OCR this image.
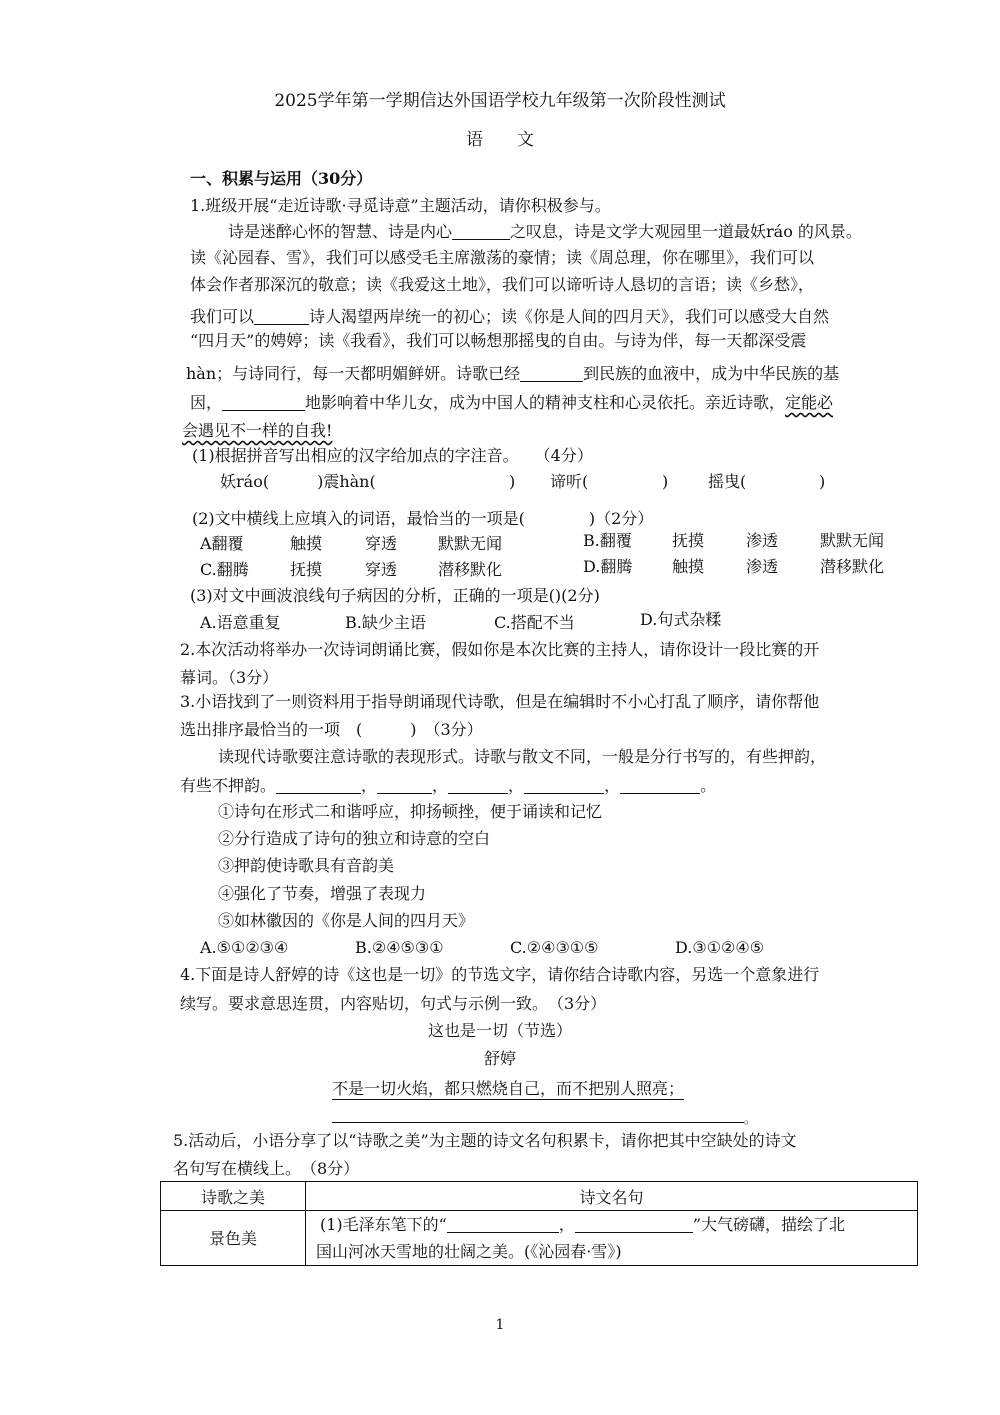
2025学年第一学期信达外国语学校九年级第一次阶段性测试
语　　文
一、积累与运用（30分）
1.班级开展“走近诗歌·寻觅诗意”主题活动，请你积极参与。
诗是迷醉心怀的智慧、诗是内心	之叹息，诗是文学大观园里一道最妖ráo 的风景。
读《沁园春、雪》，我们可以感受毛主席激荡的豪情；读《周总理，你在哪里》，我们可以
体会作者那深沉的敬意；读《我爱这土地》，我们可以谛听诗人恳切的言语；读《乡愁》，
我们可以	诗人渴望两岸统一的初心；读《你是人间的四月天》，我们可以感受大自然
“四月天”的娉婷；读《我看》，我们可以畅想那摇曳的自由。与诗为伴，每一天都深受震
hàn；与诗同行，每一天都明媚鲜妍。诗歌已经	到民族的血液中，成为中华民族的基
因，	地影响着中华儿女，成为中国人的精神支柱和心灵依托。亲近诗歌，定能必
会遇见不一样的自我!
(1)根据拼音写出相应的汉字给加点的字注音。　　（4分）
妖ráo(	)震hàn(	) 谛听(	) 摇曳(	)
(2)文中横线上应填入的词语，最恰当的一项是(　　　　)（2分）
A翻覆	触摸	穿透	默默无闻	B.翻覆	抚摸	渗透	默默无闻
C.翻腾	抚摸	穿透	潜移默化	D.翻腾 触摸	渗透	潜移默化
(3)对文中画波浪线句子病因的分析，正确的一项是()(2分)
A.语意重复	B.缺少主语	C.搭配不当	D.句式杂糅
2.本次活动将举办一次诗词朗诵比赛，假如你是本次比赛的主持人，请你设计一段比赛的开
幕词。（3分）
3.小语找到了一则资料用于指导朗诵现代诗歌，但是在编辑时不小心打乱了顺序，请你帮他
选出排序最恰当的一项　(　　　)　（3分）
读现代诗歌要注意诗歌的表现形式。诗歌与散文不同，一般是分行书写的，有些押韵，
有些不押韵。	，	，	，	，	。
①诗句在形式二和谐呼应，抑扬顿挫，便于诵读和记忆
②分行造成了诗句的独立和诗意的空白
③押韵使诗歌具有音韵美
④强化了节奏，增强了表现力
⑤如林徽因的《你是人间的四月天》
A.⑤①②③④	B.②④⑤③①	C.②④③①⑤	D.③①②④⑤
4.下面是诗人舒婷的诗《这也是一切》的节选文字，请你结合诗歌内容，另选一个意象进行
续写。要求意思连贯，内容贴切，句式与示例一致。　（3分）
这也是一切（节选）
舒婷
不是一切火焰，都只燃烧自己，而不把别人照亮；
。
5.活动后，小语分享了以“诗歌之美”为主题的诗文名句积累卡，请你把其中空缺处的诗文
名句写在横线上。　（8分）
诗歌之美	诗文名句
景色美	(1)毛泽东笔下的“ ， ”大气磅礴，描绘了北
国山河冰天雪地的壮阔之美。(《沁园春·雪》)
1
